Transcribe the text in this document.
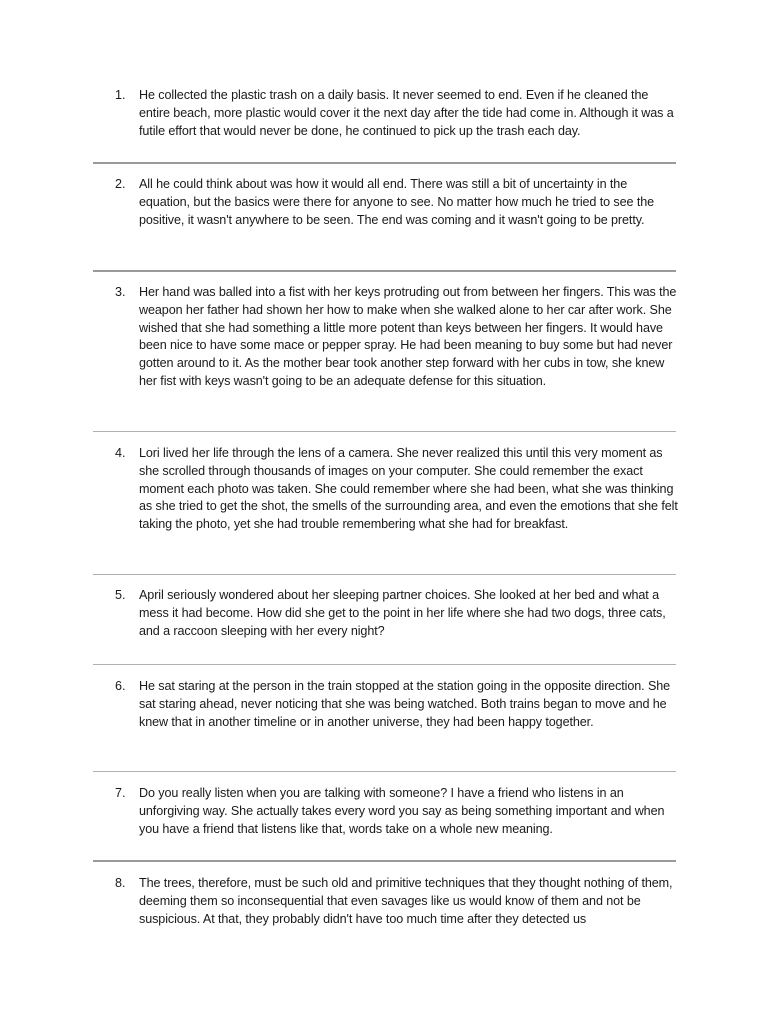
1. He collected the plastic trash on a daily basis. It never seemed to end. Even if he cleaned the entire beach, more plastic would cover it the next day after the tide had come in. Although it was a futile effort that would never be done, he continued to pick up the trash each day.
2. All he could think about was how it would all end. There was still a bit of uncertainty in the equation, but the basics were there for anyone to see. No matter how much he tried to see the positive, it wasn't anywhere to be seen. The end was coming and it wasn't going to be pretty.
3. Her hand was balled into a fist with her keys protruding out from between her fingers. This was the weapon her father had shown her how to make when she walked alone to her car after work. She wished that she had something a little more potent than keys between her fingers. It would have been nice to have some mace or pepper spray. He had been meaning to buy some but had never gotten around to it. As the mother bear took another step forward with her cubs in tow, she knew her fist with keys wasn't going to be an adequate defense for this situation.
4. Lori lived her life through the lens of a camera. She never realized this until this very moment as she scrolled through thousands of images on your computer. She could remember the exact moment each photo was taken. She could remember where she had been, what she was thinking as she tried to get the shot, the smells of the surrounding area, and even the emotions that she felt taking the photo, yet she had trouble remembering what she had for breakfast.
5. April seriously wondered about her sleeping partner choices. She looked at her bed and what a mess it had become. How did she get to the point in her life where she had two dogs, three cats, and a raccoon sleeping with her every night?
6. He sat staring at the person in the train stopped at the station going in the opposite direction. She sat staring ahead, never noticing that she was being watched. Both trains began to move and he knew that in another timeline or in another universe, they had been happy together.
7. Do you really listen when you are talking with someone? I have a friend who listens in an unforgiving way. She actually takes every word you say as being something important and when you have a friend that listens like that, words take on a whole new meaning.
8. The trees, therefore, must be such old and primitive techniques that they thought nothing of them, deeming them so inconsequential that even savages like us would know of them and not be suspicious. At that, they probably didn't have too much time after they detected us
